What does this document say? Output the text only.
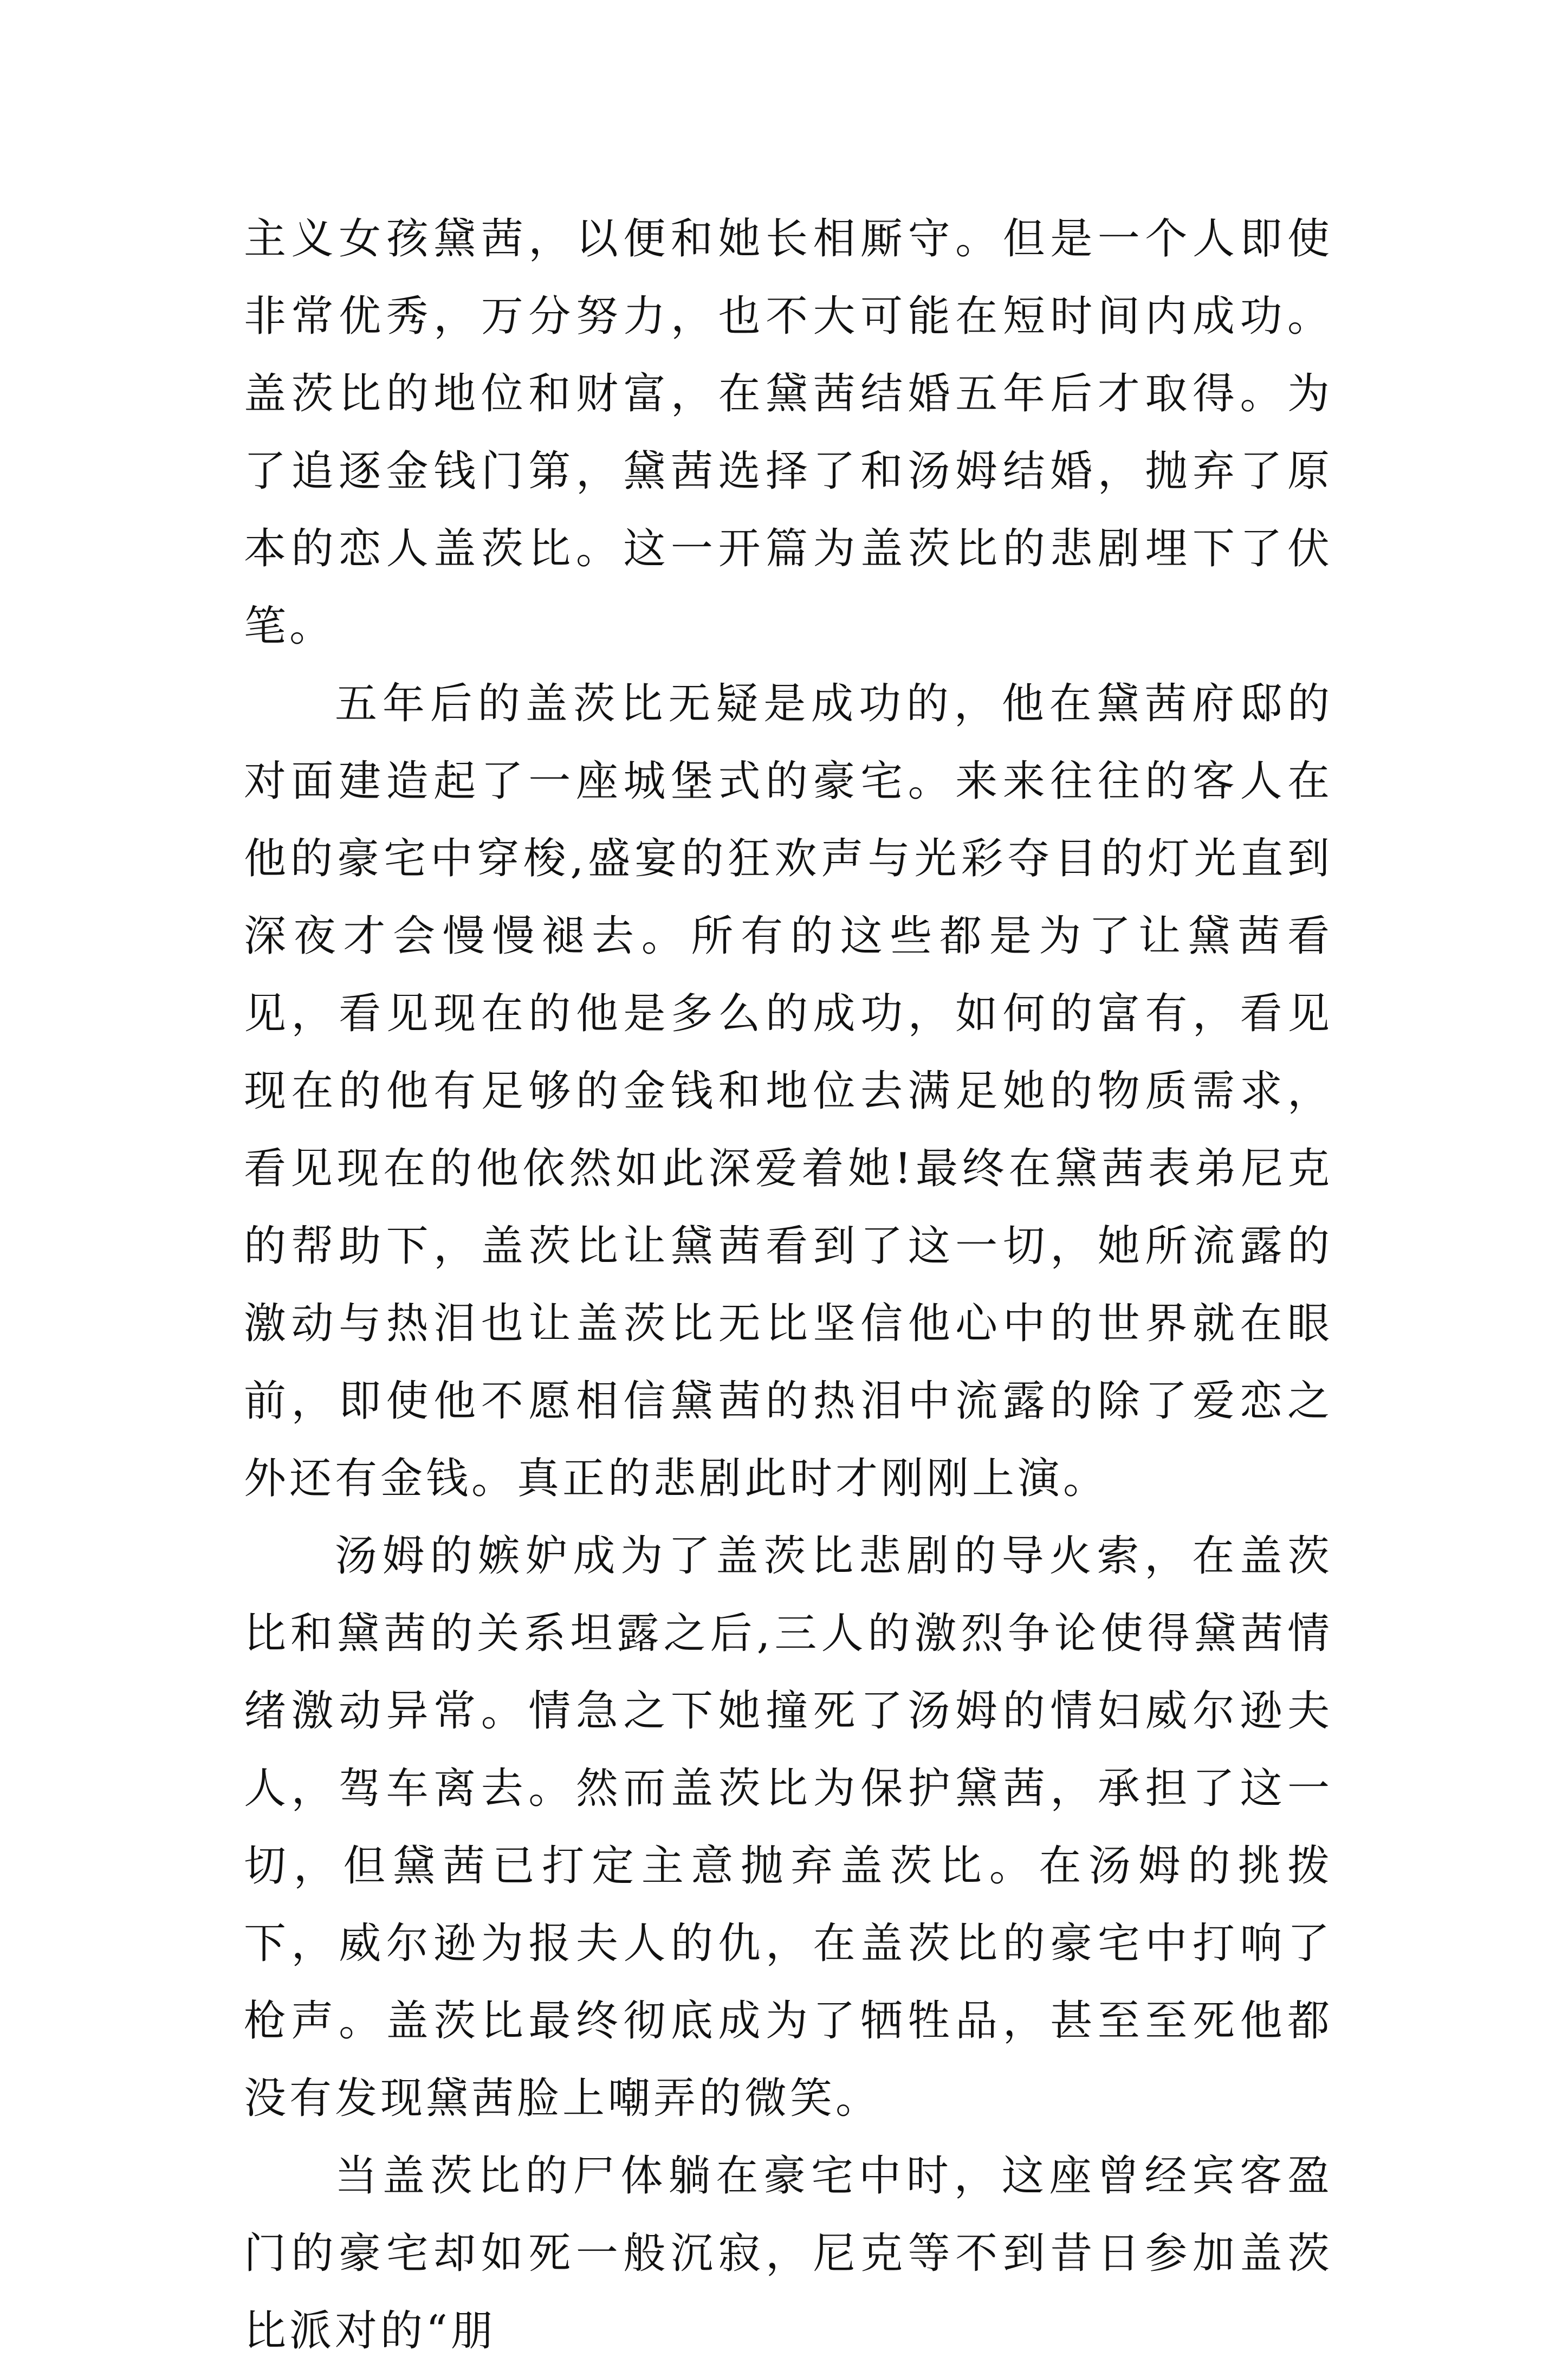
主义女孩黛茜，以便和她长相厮守。但是一个人即使非常优秀，万分努力，也不大可能在短时间内成功。盖茨比的地位和财富，在黛茜结婚五年后才取得。为了追逐金钱门第，黛茜选择了和汤姆结婚，抛弃了原本的恋人盖茨比。这一开篇为盖茨比的悲剧埋下了伏笔。

五年后的盖茨比无疑是成功的，他在黛茜府邸的对面建造起了一座城堡式的豪宅。来来往往的客人在他的豪宅中穿梭,盛宴的狂欢声与光彩夺目的灯光直到深夜才会慢慢褪去。所有的这些都是为了让黛茜看见，看见现在的他是多么的成功，如何的富有，看见现在的他有足够的金钱和地位去满足她的物质需求，看见现在的他依然如此深爱着她!最终在黛茜表弟尼克的帮助下，盖茨比让黛茜看到了这一切，她所流露的激动与热泪也让盖茨比无比坚信他心中的世界就在眼前，即使他不愿相信黛茜的热泪中流露的除了爱恋之外还有金钱。真正的悲剧此时才刚刚上演。

汤姆的嫉妒成为了盖茨比悲剧的导火索，在盖茨比和黛茜的关系坦露之后,三人的激烈争论使得黛茜情绪激动异常。情急之下她撞死了汤姆的情妇威尔逊夫人，驾车离去。然而盖茨比为保护黛茜，承担了这一切，但黛茜已打定主意抛弃盖茨比。在汤姆的挑拨下，威尔逊为报夫人的仇，在盖茨比的豪宅中打响了枪声。盖茨比最终彻底成为了牺牲品，甚至至死他都没有发现黛茜脸上嘲弄的微笑。

当盖茨比的尸体躺在豪宅中时，这座曾经宾客盈门的豪宅却如死一般沉寂，尼克等不到昔日参加盖茨比派对的“朋
